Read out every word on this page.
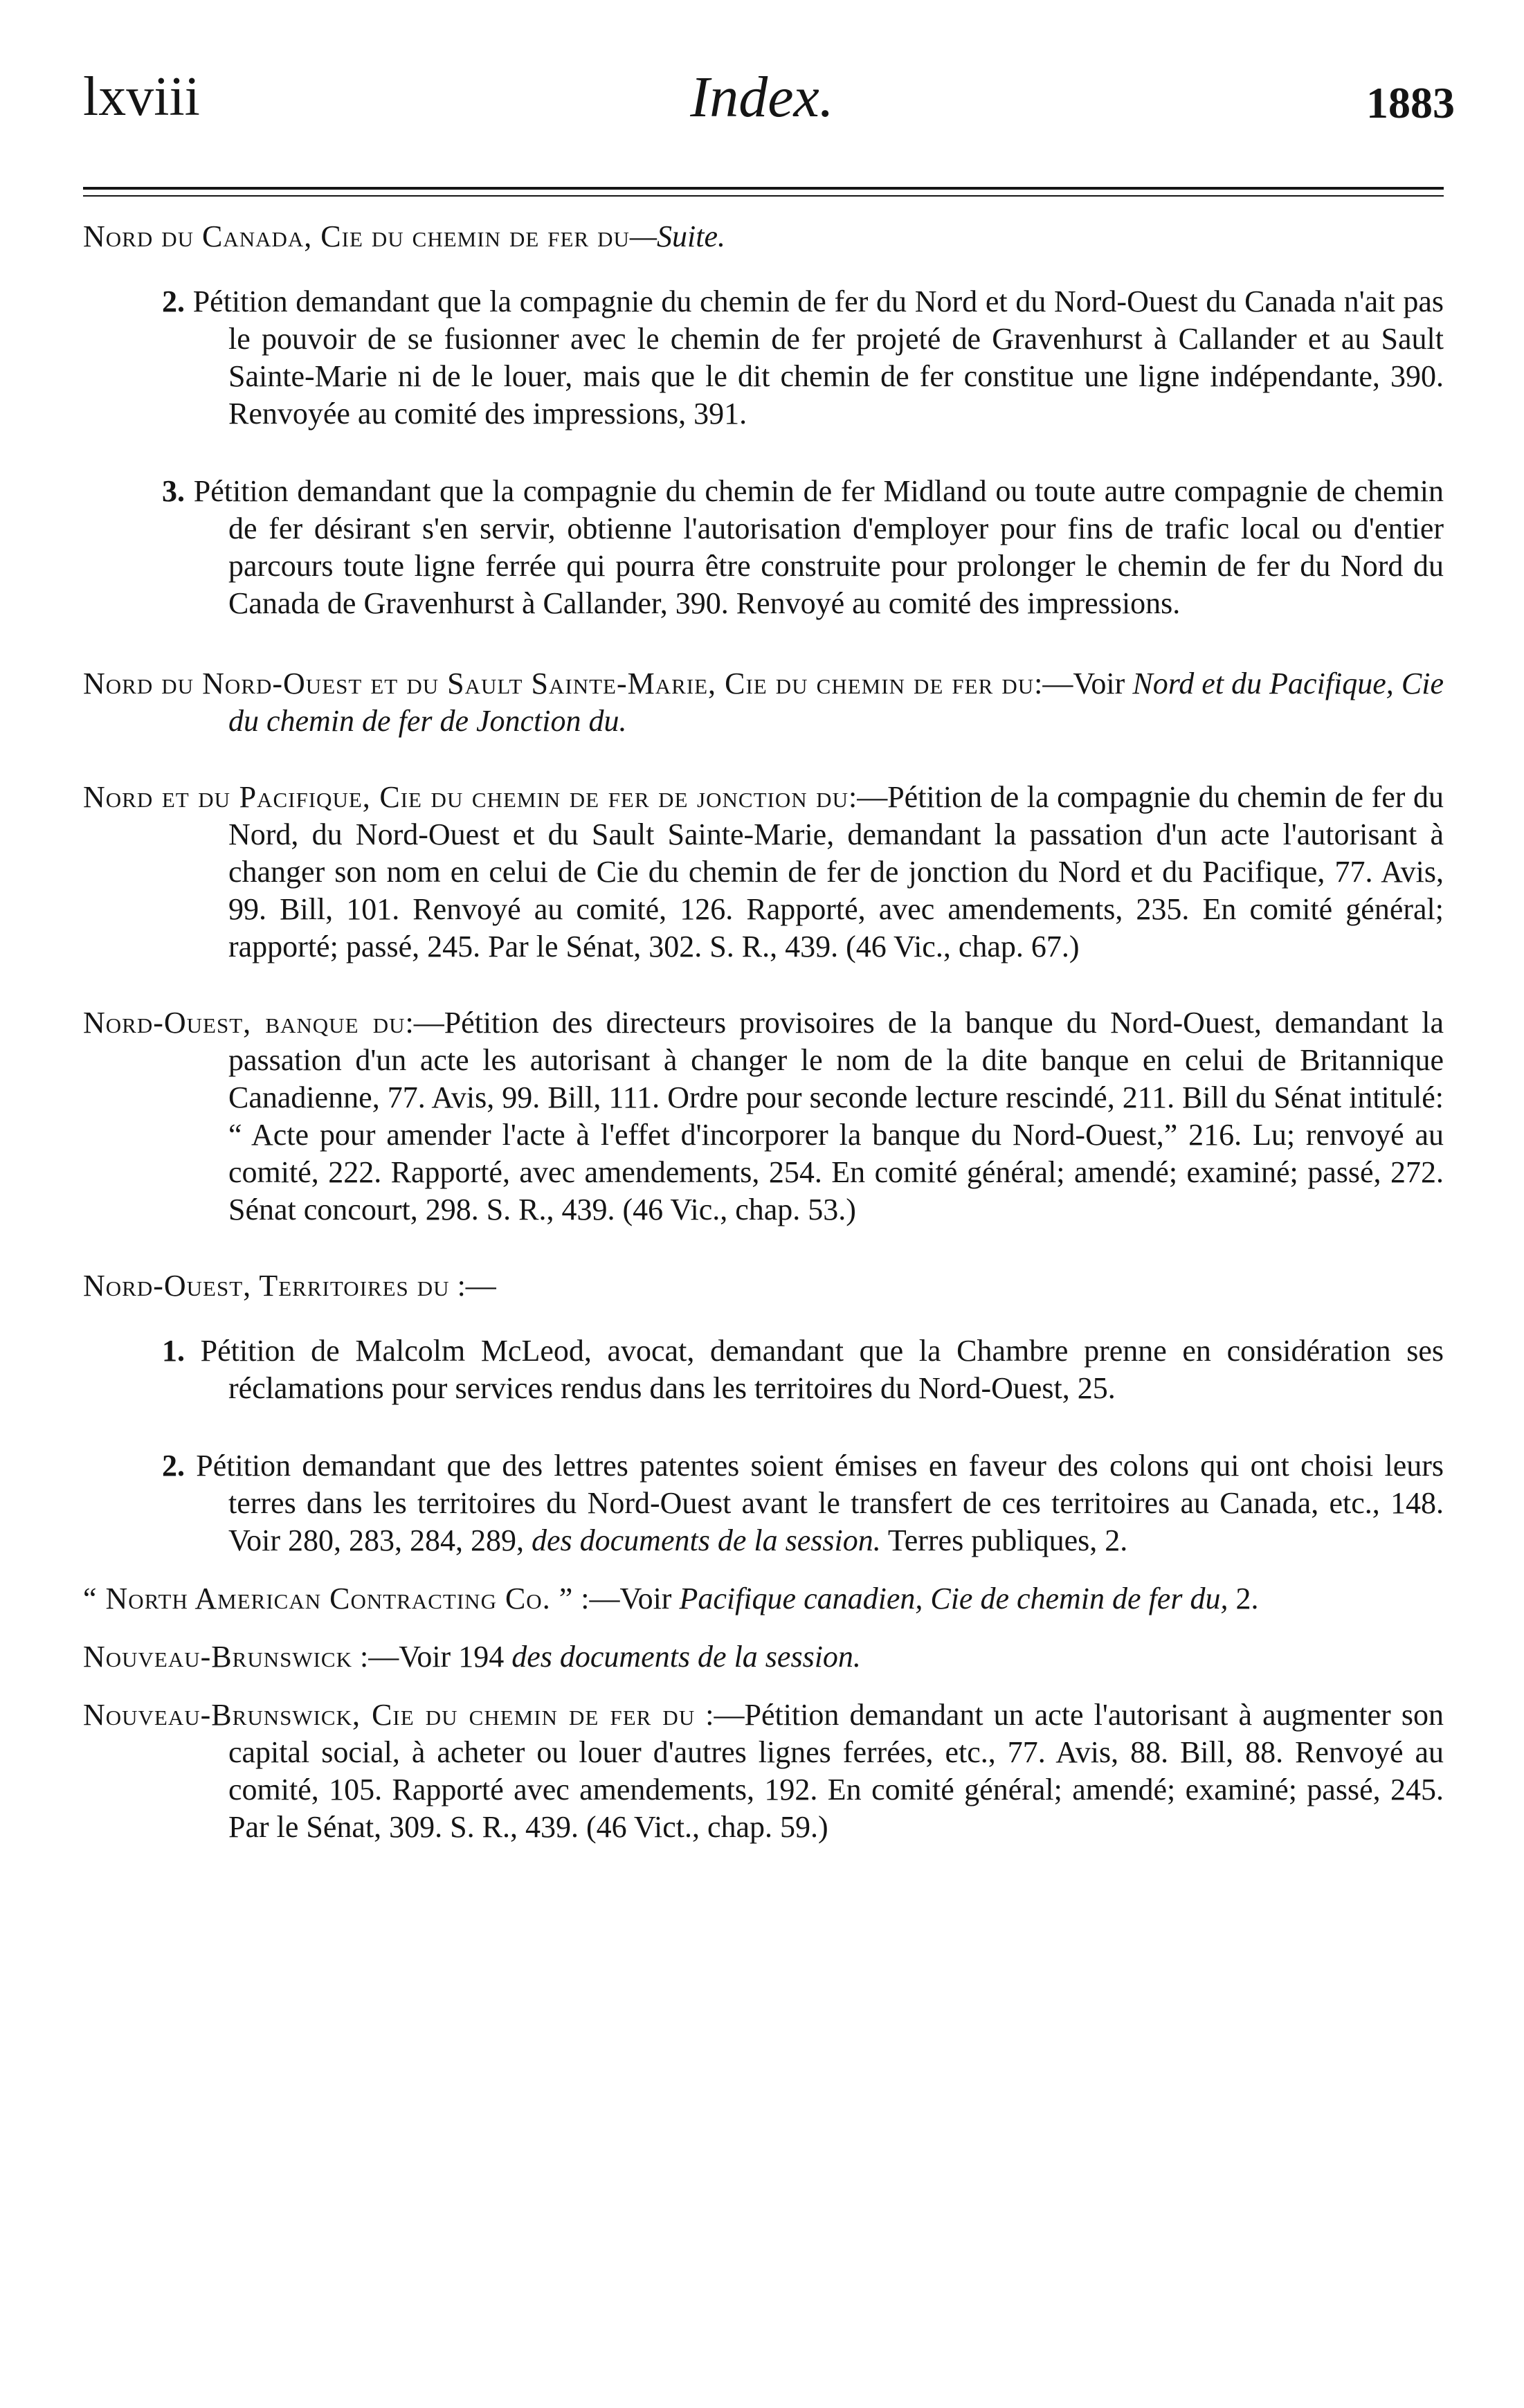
lxviii	Index.	1883
Nord du Canada, Cie du chemin de fer du—Suite.
2. Pétition demandant que la compagnie du chemin de fer du Nord et du Nord-Ouest du Canada n'ait pas le pouvoir de se fusionner avec le chemin de fer projeté de Gravenhurst à Callander et au Sault Sainte-Marie ni de le louer, mais que le dit chemin de fer constitue une ligne indépendante, 390. Renvoyée au comité des impressions, 391.
3. Pétition demandant que la compagnie du chemin de fer Midland ou toute autre compagnie de chemin de fer désirant s'en servir, obtienne l'autorisation d'employer pour fins de trafic local ou d'entier parcours toute ligne ferrée qui pourra être construite pour prolonger le chemin de fer du Nord du Canada de Gravenhurst à Callander, 390. Renvoyé au comité des impressions.
Nord du Nord-Ouest et du Sault Sainte-Marie, Cie du chemin de fer du:—Voir Nord et du Pacifique, Cie du chemin de fer de Jonction du.
Nord et du Pacifique, Cie du chemin de fer de jonction du:—Pétition de la compagnie du chemin de fer du Nord, du Nord-Ouest et du Sault Sainte-Marie, demandant la passation d'un acte l'autorisant à changer son nom en celui de Cie du chemin de fer de jonction du Nord et du Pacifique, 77. Avis, 99. Bill, 101. Renvoyé au comité, 126. Rapporté, avec amendements, 235. En comité général; rapporté; passé, 245. Par le Sénat, 302. S. R., 439. (46 Vic., chap. 67.)
Nord-Ouest, banque du:—Pétition des directeurs provisoires de la banque du Nord-Ouest, demandant la passation d'un acte les autorisant à changer le nom de la dite banque en celui de Britannique Canadienne, 77. Avis, 99. Bill, 111. Ordre pour seconde lecture rescindé, 211. Bill du Sénat intitulé: “ Acte pour amender l'acte à l'effet d'incorporer la banque du Nord-Ouest,” 216. Lu; renvoyé au comité, 222. Rapporté, avec amendements, 254. En comité général; amendé; examiné; passé, 272. Sénat concourt, 298. S. R., 439. (46 Vic., chap. 53.)
Nord-Ouest, Territoires du :—
1. Pétition de Malcolm McLeod, avocat, demandant que la Chambre prenne en considération ses réclamations pour services rendus dans les territoires du Nord-Ouest, 25.
2. Pétition demandant que des lettres patentes soient émises en faveur des colons qui ont choisi leurs terres dans les territoires du Nord-Ouest avant le transfert de ces territoires au Canada, etc., 148. Voir 280, 283, 284, 289, des documents de la session. Terres publiques, 2.
“ North American Contracting Co. ” :—Voir Pacifique canadien, Cie de chemin de fer du, 2.
Nouveau-Brunswick :—Voir 194 des documents de la session.
Nouveau-Brunswick, Cie du chemin de fer du :—Pétition demandant un acte l'autorisant à augmenter son capital social, à acheter ou louer d'autres lignes ferrées, etc., 77. Avis, 88. Bill, 88. Renvoyé au comité, 105. Rapporté avec amendements, 192. En comité général; amendé; examiné; passé, 245. Par le Sénat, 309. S. R., 439. (46 Vict., chap. 59.)
